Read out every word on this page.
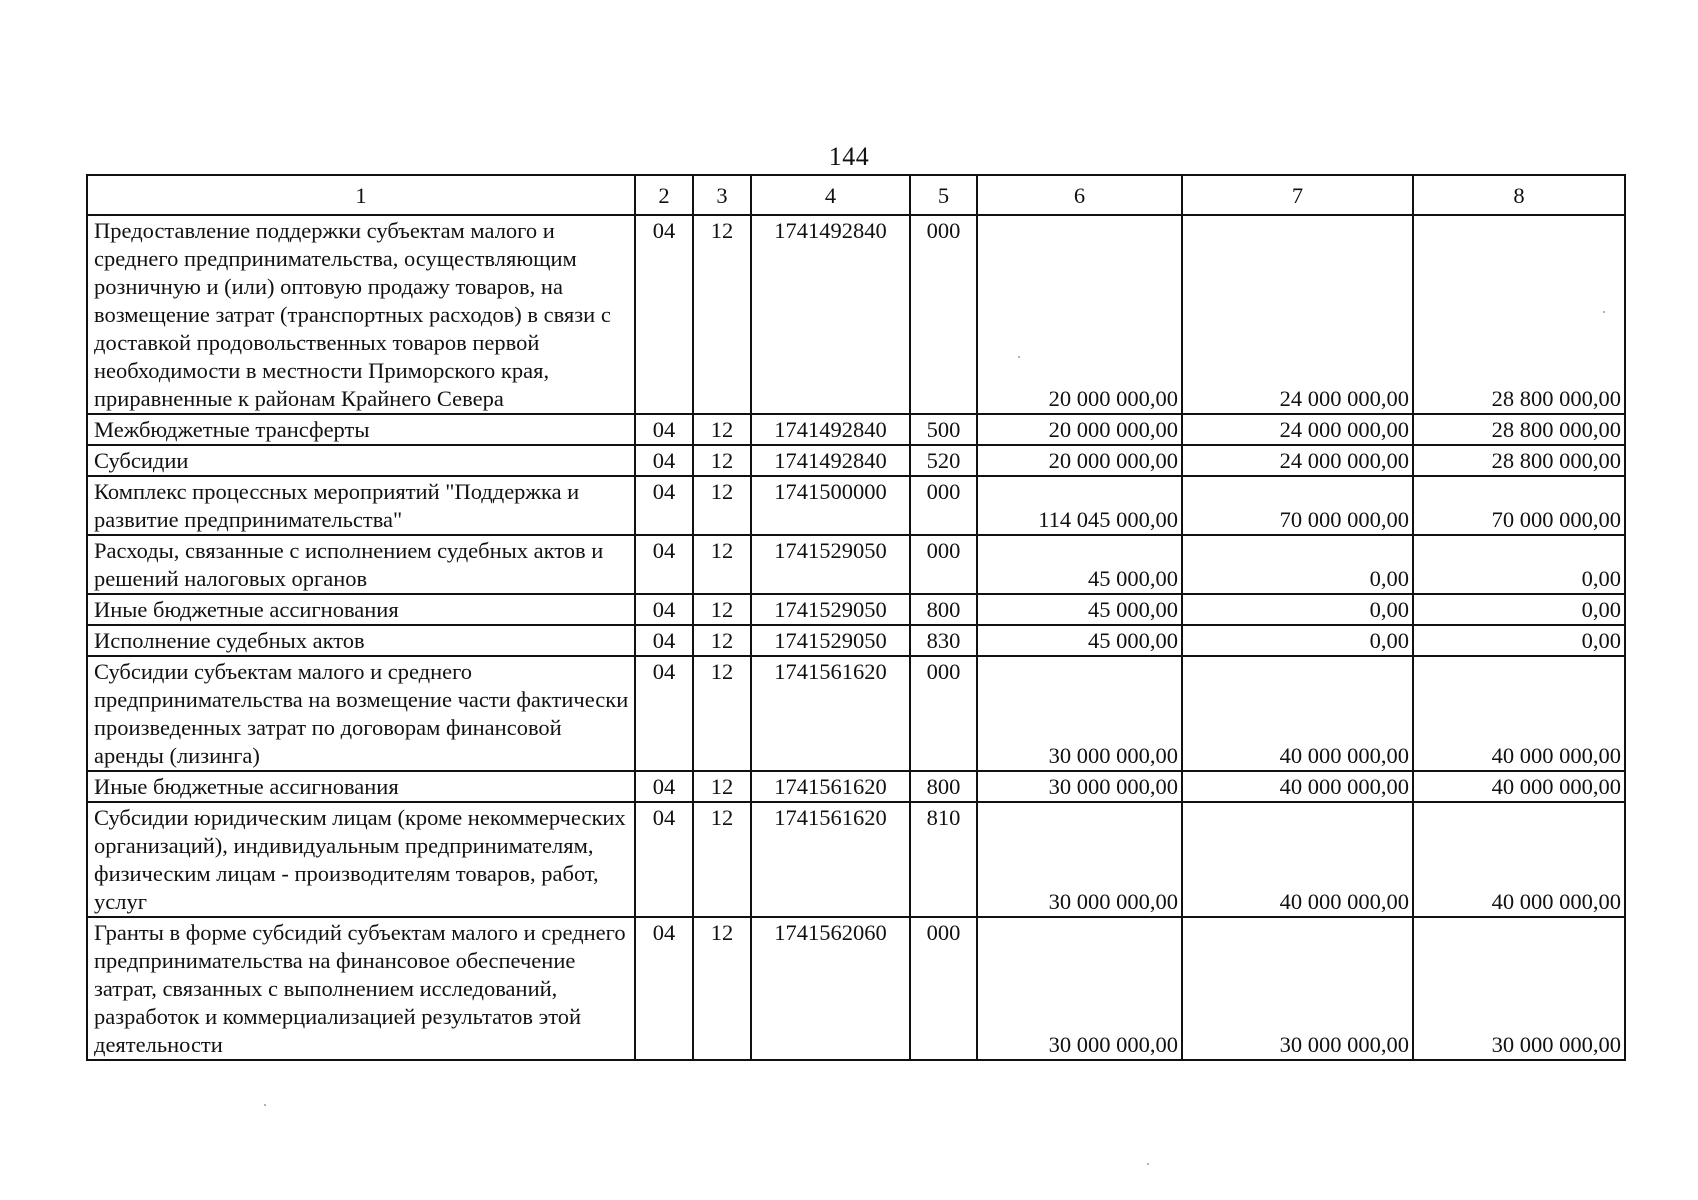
144
1	2	3	4	5	6	7	8
Предоставление поддержки субъектам малого и среднего предпринимательства, осуществляющим розничную и (или) оптовую продажу товаров, на возмещение затрат (транспортных расходов) в связи с доставкой продовольственных товаров первой необходимости в местности Приморского края, приравненные к районам Крайнего Севера	04	12	1741492840	000	20 000 000,00	24 000 000,00	28 800 000,00
Межбюджетные трансферты	04	12	1741492840	500	20 000 000,00	24 000 000,00	28 800 000,00
Субсидии	04	12	1741492840	520	20 000 000,00	24 000 000,00	28 800 000,00
Комплекс процессных мероприятий "Поддержка и развитие предпринимательства"	04	12	1741500000	000	114 045 000,00	70 000 000,00	70 000 000,00
Расходы, связанные с исполнением судебных актов и решений налоговых органов	04	12	1741529050	000	45 000,00	0,00	0,00
Иные бюджетные ассигнования	04	12	1741529050	800	45 000,00	0,00	0,00
Исполнение судебных актов	04	12	1741529050	830	45 000,00	0,00	0,00
Субсидии субъектам малого и среднего предпринимательства на возмещение части фактически произведенных затрат по договорам финансовой аренды (лизинга)	04	12	1741561620	000	30 000 000,00	40 000 000,00	40 000 000,00
Иные бюджетные ассигнования	04	12	1741561620	800	30 000 000,00	40 000 000,00	40 000 000,00
Субсидии юридическим лицам (кроме некоммерческих организаций), индивидуальным предпринимателям, физическим лицам - производителям товаров, работ, услуг	04	12	1741561620	810	30 000 000,00	40 000 000,00	40 000 000,00
Гранты в форме субсидий субъектам малого и среднего предпринимательства на финансовое обеспечение затрат, связанных с выполнением исследований, разработок и коммерциализацией результатов этой деятельности	04	12	1741562060	000	30 000 000,00	30 000 000,00	30 000 000,00
